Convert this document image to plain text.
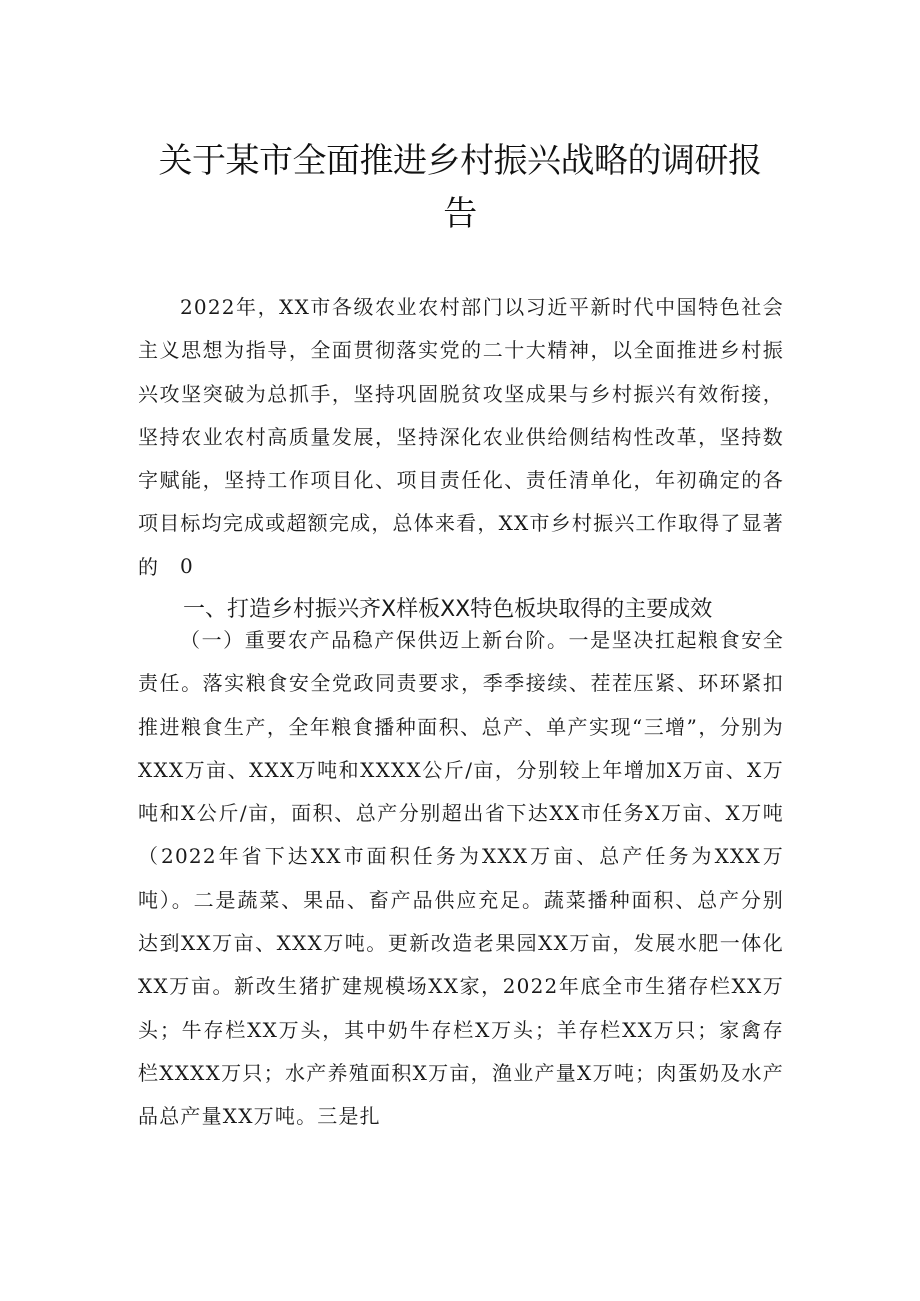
关于某市全面推进乡村振兴战略的调研报
告

2022年，XX市各级农业农村部门以习近平新时代中国特色社会主义思想为指导，全面贯彻落实党的二十大精神，以全面推进乡村振兴攻坚突破为总抓手，坚持巩固脱贫攻坚成果与乡村振兴有效衔接，坚持农业农村高质量发展，坚持深化农业供给侧结构性改革，坚持数字赋能，坚持工作项目化、项目责任化、责任清单化，年初确定的各项目标均完成或超额完成，总体来看，XX市乡村振兴工作取得了显著的	0

一、打造乡村振兴齐X样板XX特色板块取得的主要成效

（一）重要农产品稳产保供迈上新台阶。一是坚决扛起粮食安全责任。落实粮食安全党政同责要求，季季接续、茬茬压紧、环环紧扣推进粮食生产，全年粮食播种面积、总产、单产实现“三增”，分别为XXX万亩、XXX万吨和XXXX公斤/亩，分别较上年增加X万亩、X万吨和X公斤/亩，面积、总产分别超出省下达XX市任务X万亩、X万吨（2022年省下达XX市面积任务为XXX万亩、总产任务为XXX万吨）。二是蔬菜、果品、畜产品供应充足。蔬菜播种面积、总产分别达到XX万亩、XXX万吨。更新改造老果园XX万亩，发展水肥一体化XX万亩。新改生猪扩建规模场XX家，2022年底全市生猪存栏XX万头；牛存栏XX万头，其中奶牛存栏X万头；羊存栏XX万只；家禽存栏XXXX万只；水产养殖面积X万亩，渔业产量X万吨；肉蛋奶及水产品总产量XX万吨。三是扎
